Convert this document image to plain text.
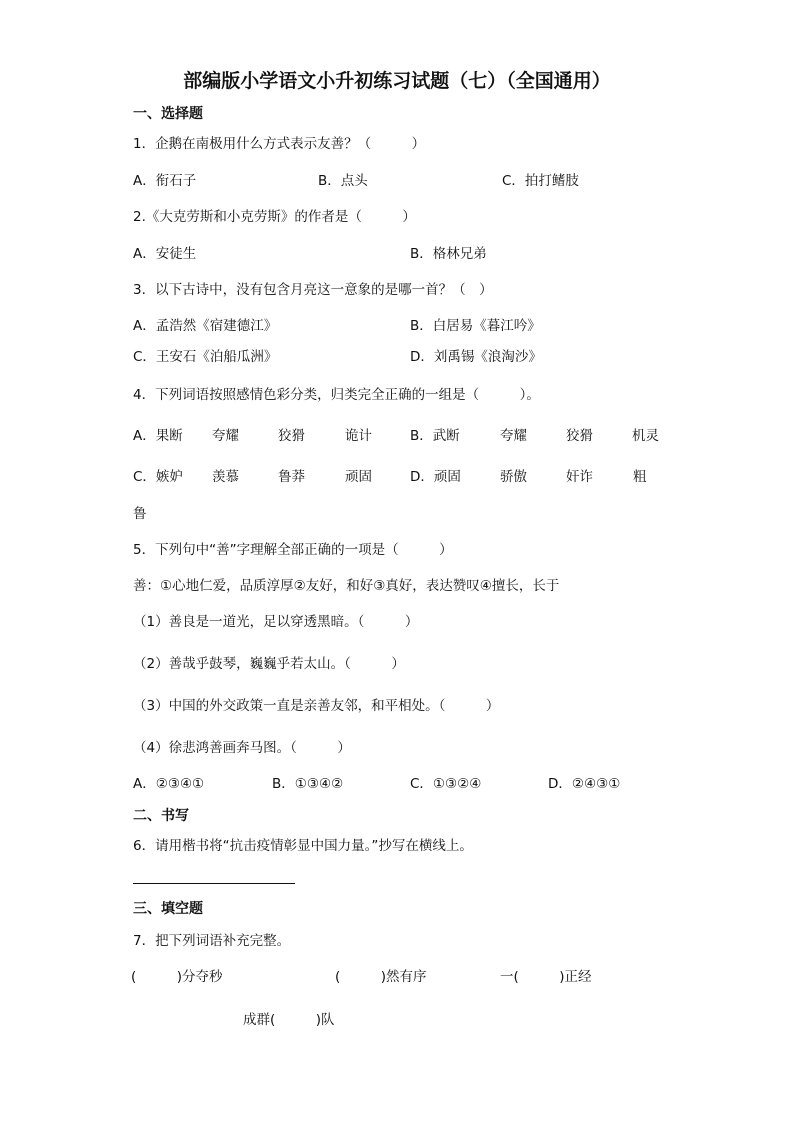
部编版小学语文小升初练习试题（七）（全国通用）
一、选择题
1．企鹅在南极用什么方式表示友善？（　　　）
A．衔石子	B．点头	C．拍打鳍肢
2.《大克劳斯和小克劳斯》的作者是（　　　）
A．安徒生	B．格林兄弟
3．以下古诗中，没有包含月亮这一意象的是哪一首？（　）
A．孟浩然《宿建德江》	B．白居易《暮江吟》
C．王安石《泊船瓜洲》	D．刘禹锡《浪淘沙》
4．下列词语按照感情色彩分类，归类完全正确的一组是（　　　）。
A．果断 夸耀	狡猾	诡计	B．武断	夸耀	狡猾	机灵
C．嫉妒 羡慕	鲁莽	顽固	D．顽固	骄傲	奸诈	粗
鲁
5．下列句中“善”字理解全部正确的一项是（　　　）
善：①心地仁爱，品质淳厚②友好，和好③真好，表达赞叹④擅长，长于
（1）善良是一道光，足以穿透黑暗。（　　　）
（2）善哉乎鼓琴，巍巍乎若太山。（　　　）
（3）中国的外交政策一直是亲善友邻，和平相处。（　　　）
（4）徐悲鸿善画奔马图。（　　　）
A．②③④①	B．①③④②	C．①③②④	D．②④③①
二、书写
6．请用楷书将“抗击疫情彰显中国力量。”抄写在横线上。
三、填空题
7．把下列词语补充完整。
(　　　)分夺秒	(　　　)然有序	一(　　　)正经
成群(　　　)队
